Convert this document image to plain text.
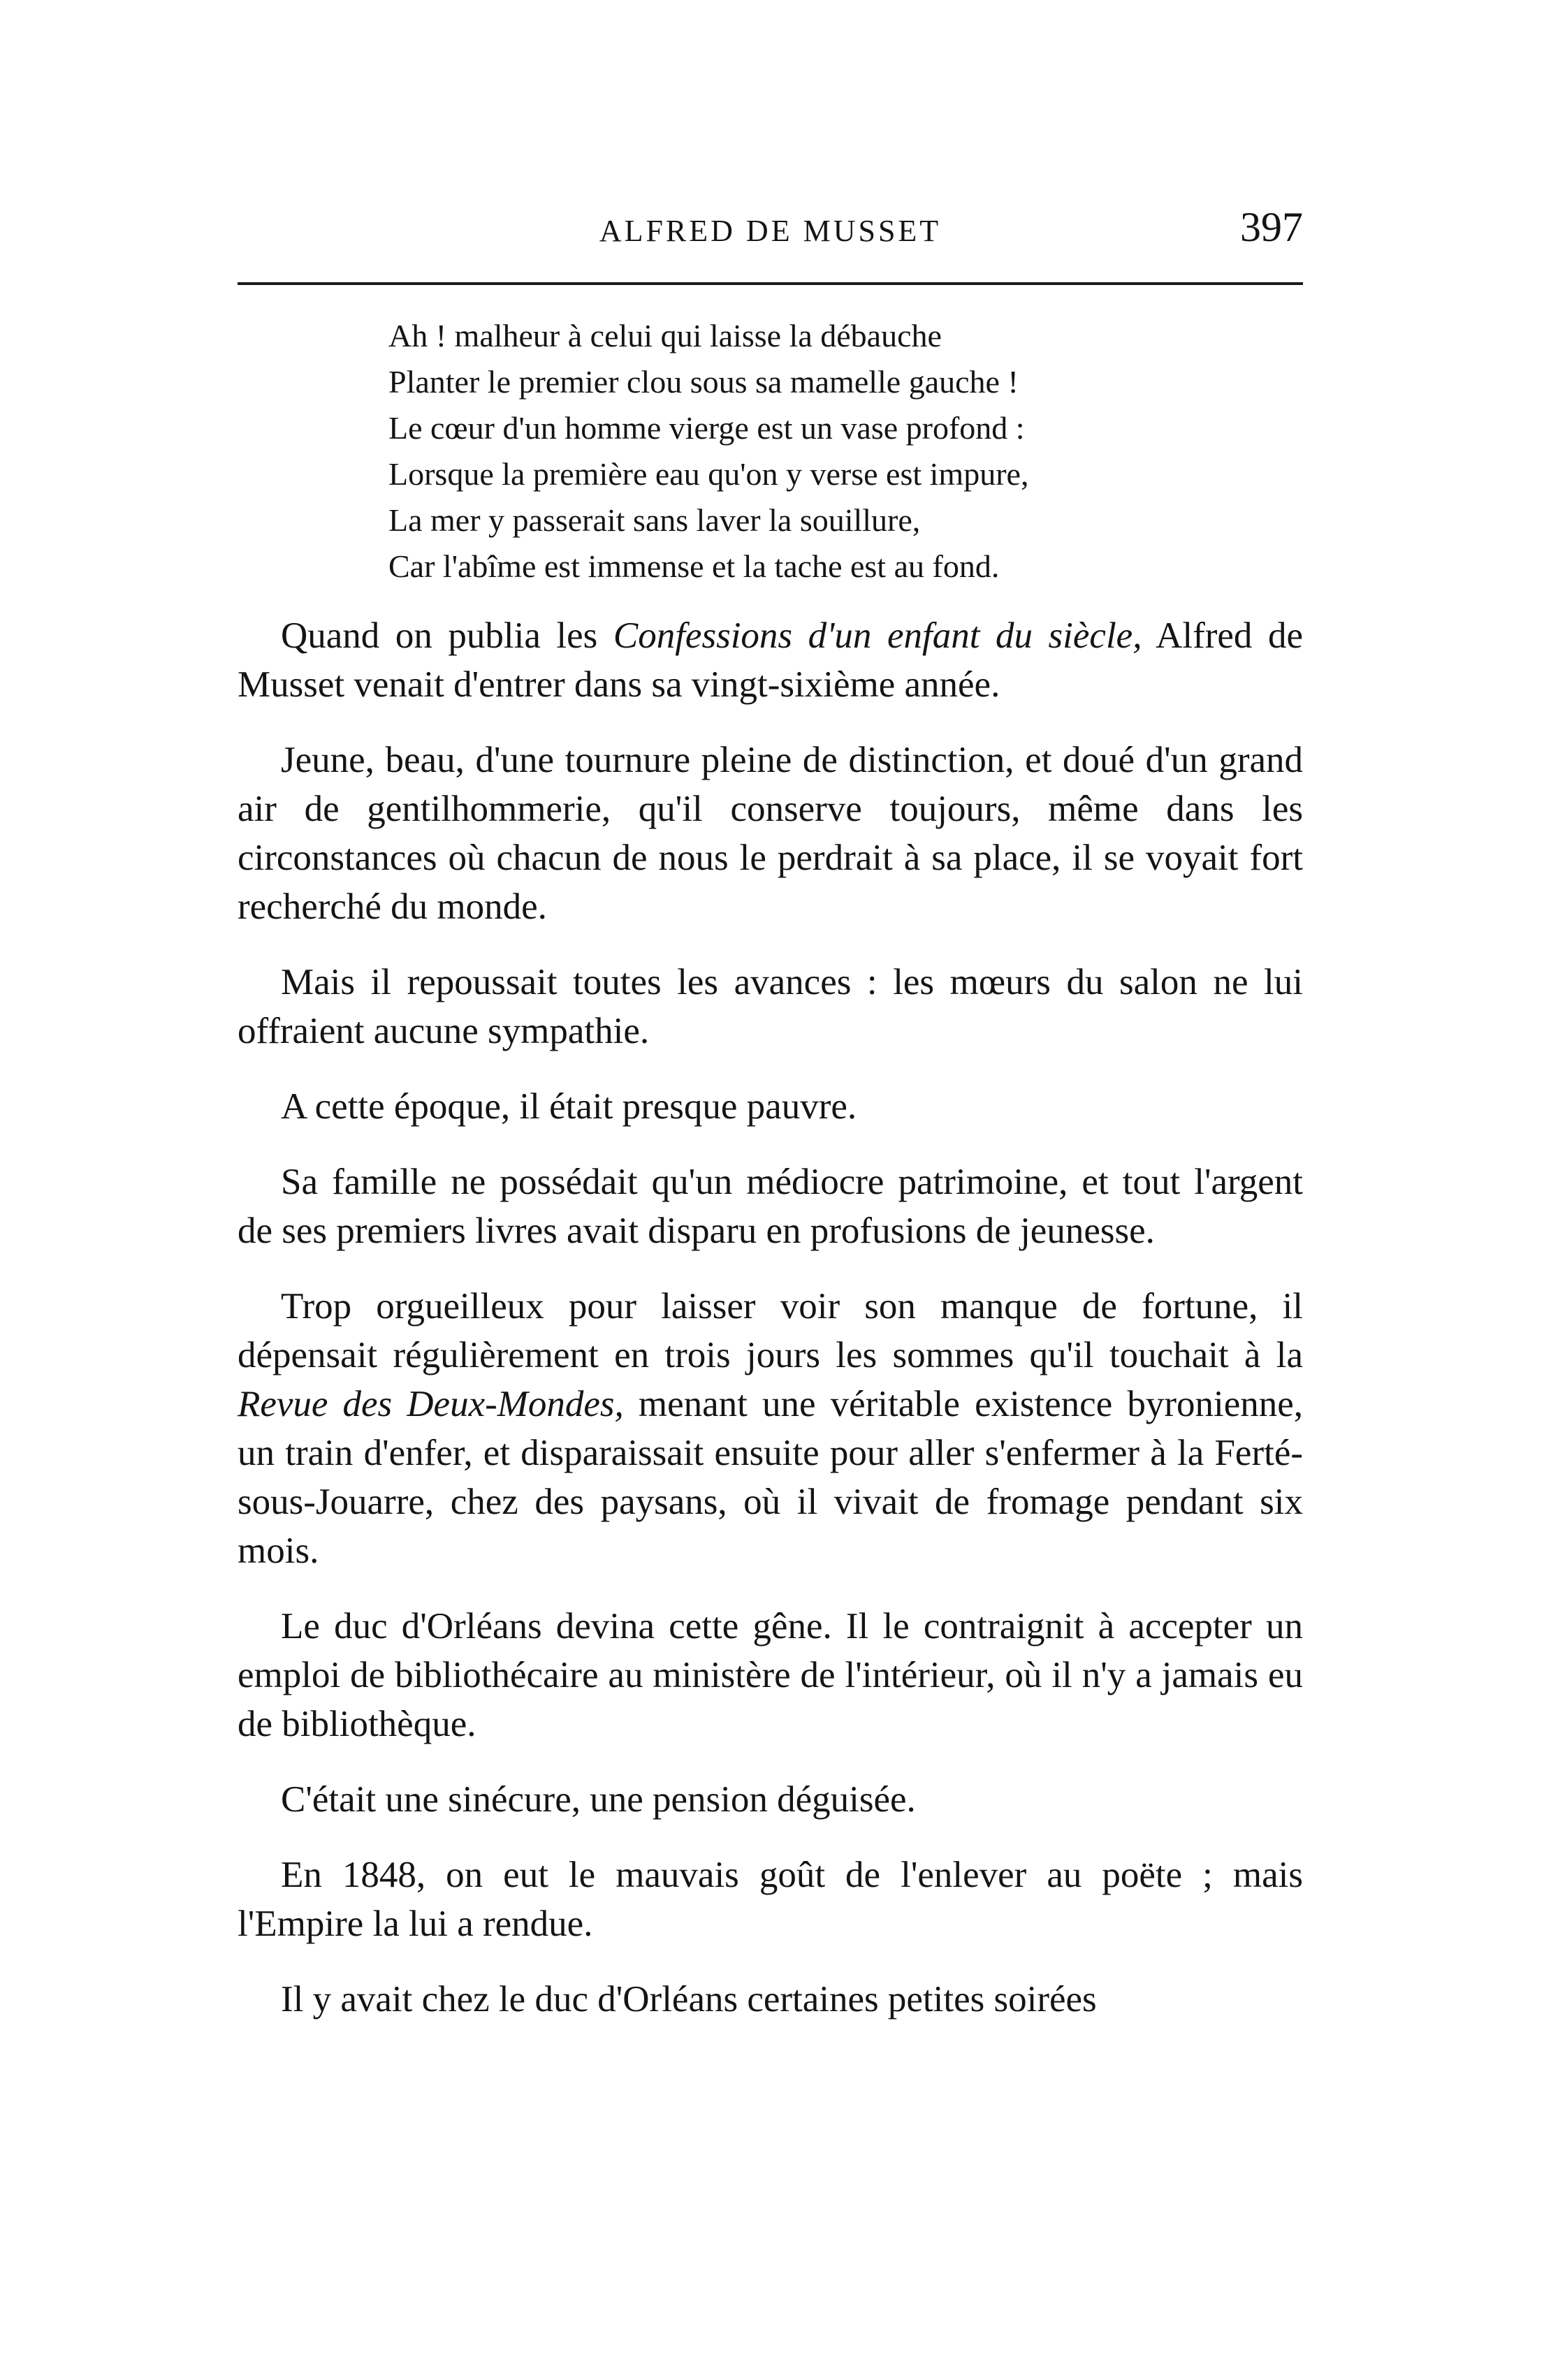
ALFRED DE MUSSET	397
Ah ! malheur à celui qui laisse la débauche
Planter le premier clou sous sa mamelle gauche !
Le cœur d'un homme vierge est un vase profond :
Lorsque la première eau qu'on y verse est impure,
La mer y passerait sans laver la souillure,
Car l'abîme est immense et la tache est au fond.

Quand on publia les Confessions d'un enfant du siècle, Alfred de Musset venait d'entrer dans sa vingt-sixième année.

Jeune, beau, d'une tournure pleine de distinction, et doué d'un grand air de gentilhommerie, qu'il conserve toujours, même dans les circonstances où chacun de nous le perdrait à sa place, il se voyait fort recherché du monde.

Mais il repoussait toutes les avances : les mœurs du salon ne lui offraient aucune sympathie.

A cette époque, il était presque pauvre.

Sa famille ne possédait qu'un médiocre patrimoine, et tout l'argent de ses premiers livres avait disparu en profusions de jeunesse.

Trop orgueilleux pour laisser voir son manque de fortune, il dépensait régulièrement en trois jours les sommes qu'il touchait à la Revue des Deux-Mondes, menant une véritable existence byronienne, un train d'enfer, et disparaissait ensuite pour aller s'enfermer à la Ferté-sous-Jouarre, chez des paysans, où il vivait de fromage pendant six mois.

Le duc d'Orléans devina cette gêne. Il le contraignit à accepter un emploi de bibliothécaire au ministère de l'intérieur, où il n'y a jamais eu de bibliothèque.

C'était une sinécure, une pension déguisée.

En 1848, on eut le mauvais goût de l'enlever au poëte ; mais l'Empire la lui a rendue.

Il y avait chez le duc d'Orléans certaines petites soirées
